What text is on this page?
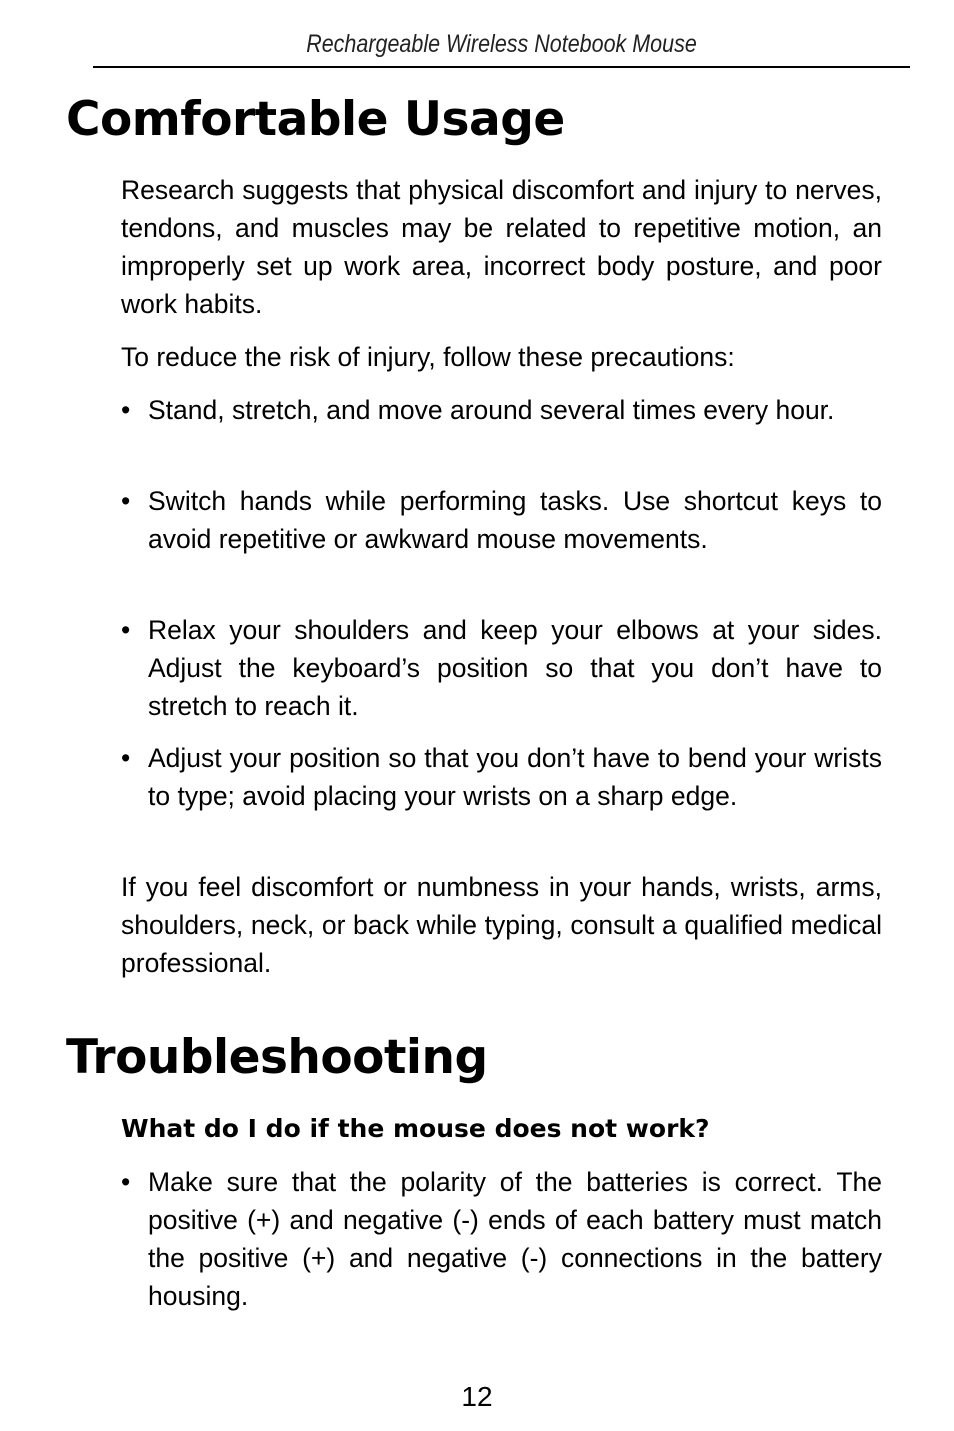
Rechargeable Wireless Notebook Mouse
Comfortable Usage

Research suggests that physical discomfort and injury to nerves, tendons, and muscles may be related to repetitive motion, an improperly set up work area, incorrect body posture, and poor work habits.

To reduce the risk of injury, follow these precautions:

• Stand, stretch, and move around several times every hour.
• Switch hands while performing tasks. Use shortcut keys to avoid repetitive or awkward mouse movements.
• Relax your shoulders and keep your elbows at your sides. Adjust the keyboard’s position so that you don’t have to stretch to reach it.
• Adjust your position so that you don’t have to bend your wrists to type; avoid placing your wrists on a sharp edge.

If you feel discomfort or numbness in your hands, wrists, arms, shoulders, neck, or back while typing, consult a qualified medical professional.

Troubleshooting

What do I do if the mouse does not work?

• Make sure that the polarity of the batteries is correct. The positive (+) and negative (-) ends of each battery must match the positive (+) and negative (-) connections in the battery housing.
12
